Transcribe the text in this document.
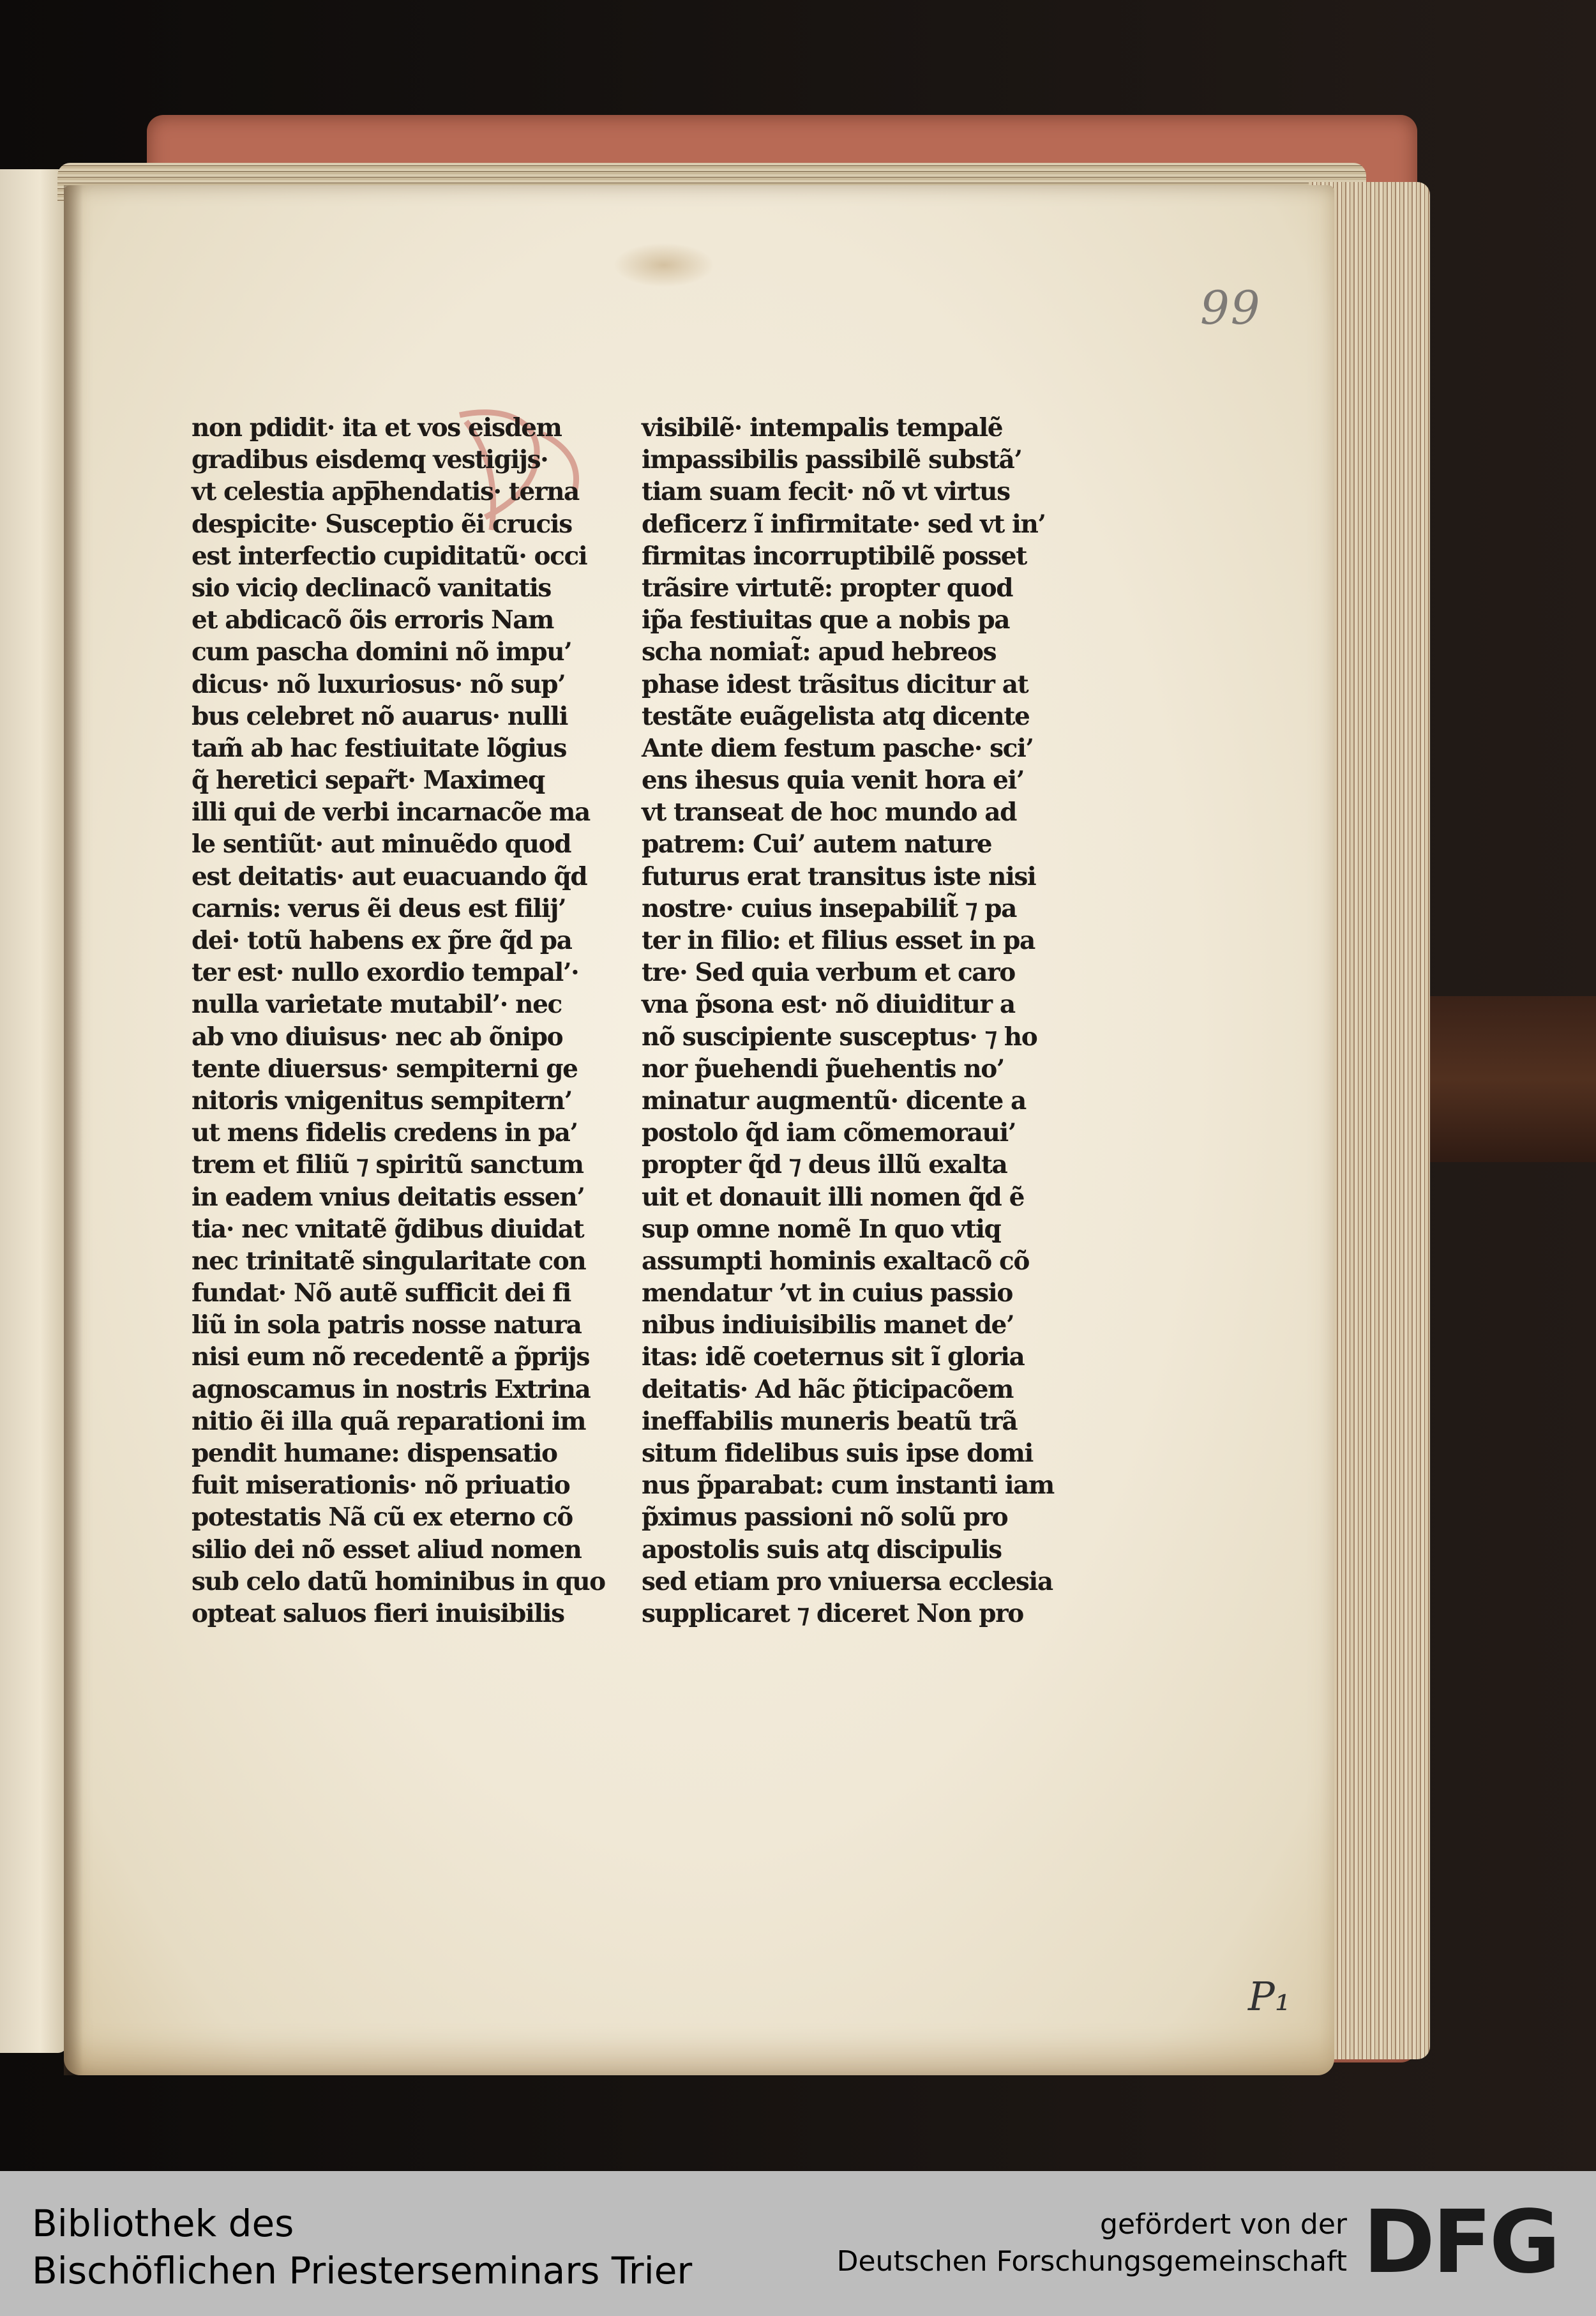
99
P₁
non pdidit· ita et vos eisdem
gradibus eisdemq̧ vestigijs·
vt celestia app̅hendatis· terna
despicite· Susceptio ẽi crucis
est interfectio cupiditatũ· occi
sio vicio̧ declinacõ vanitatis
et abdicacõ õis erroris Nam
cum pascha domini nõ impu’
dicus· nõ luxuriosus· nõ sup’
bus celebret nõ auarus· nulli
tam̃ ab hac festiuitate lõgius
q̃ heretici separ̃t· Maximeq̧
illi qui de verbi incarnacõe ma
le sentiũt· aut minuẽdo quod
est deitatis· aut euacuando q̃d
carnis: verus ẽi deus est filij’
dei· totũ habens ex p̃re q̃d pa
ter est· nullo exordio tempal’·
nulla varietate mutabil’· nec
ab vno diuisus· nec ab õnipo
tente diuersus· sempiterni ge
nitoris vnigenitus sempitern’
ut mens fidelis credens in pa’
trem et filiũ ⁊ spiritũ sanctum
in eadem vnius deitatis essen’
tia· nec vnitatẽ g̃dibus diuidat
nec trinitatẽ singularitate con
fundat· Nõ autẽ sufficit dei fi
liũ in sola patris nosse natura
nisi eum nõ recedentẽ a p̃prijs
agnoscamus in nostris Extrina
nitio ẽi illa quã reparationi im
pendit humane: dispensatio
fuit miserationis· nõ priuatio
potestatis Nã cũ ex eterno cõ
silio dei nõ esset aliud nomen
sub celo datũ hominibus in quo
opteat saluos fieri inuisibilis
visibilẽ· intempalis tempalẽ
impassibilis passibilẽ substã’
tiam suam fecit· nõ vt virtus
deficerz ĩ infirmitate· sed vt in’
firmitas incorruptibilẽ posset
trãsire virtutẽ: propter quod
ip̃a festiuitas que a nobis pa
scha nomiat̃: apud hebreos
phase idest trãsitus dicitur at
testãte euãgelista atq̧ dicente
Ante diem festum pasche· sci’
ens ihesus quia venit hora ei’
vt transeat de hoc mundo ad
patrem: Cui’ autem nature
futurus erat transitus iste nisi
nostre· cuius insepabilit̃ ⁊ pa
ter in filio: et filius esset in pa
tre· Sed quia verbum et caro
vna p̃sona est· nõ diuiditur a
nõ suscipiente susceptus· ⁊ ho
nor p̃uehendi p̃uehentis no’
minatur augmentũ· dicente a
postolo q̃d iam cõmemoraui’
propter q̃d ⁊ deus illũ exalta
uit et donauit illi nomen q̃d ẽ
sup omne nomẽ In quo vtiq̧
assumpti hominis exaltacõ cõ
mendatur ’vt in cuius passio
nibus indiuisibilis manet de’
itas: idẽ coeternus sit ĩ gloria
deitatis· Ad hãc p̃ticipacõem
ineffabilis muneris beatũ trã
situm fidelibus suis ipse domi
nus p̃parabat: cum instanti iam
p̃ximus passioni nõ solũ pro
apostolis suis atq̧ discipulis
sed etiam pro vniuersa ecclesia
supplicaret ⁊ diceret Non pro
Bibliothek des
Bischöflichen Priesterseminars Trier
gefördert von der
Deutschen Forschungsgemeinschaft DFG
